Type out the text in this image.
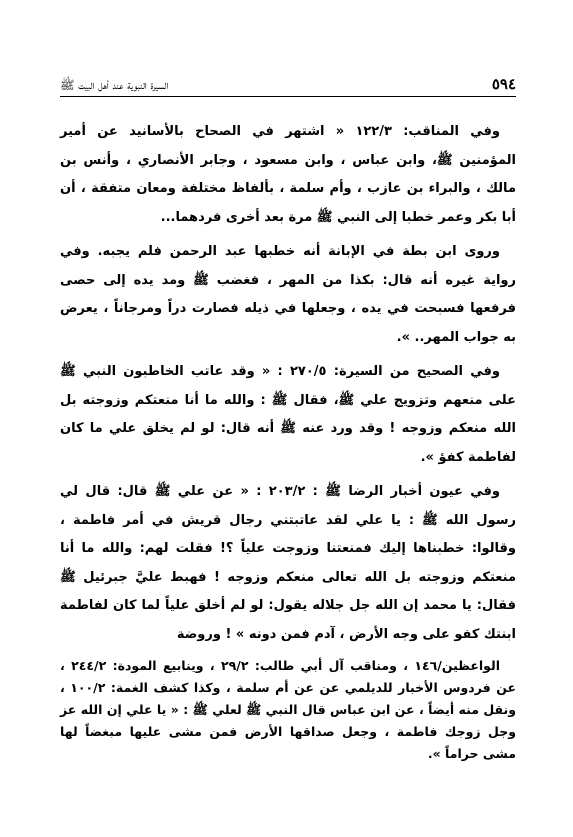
٥٩٤
السيرة النبوية عند أهل البيت ﷺ

وفي المناقب: ١٢٢/٣ « اشتهر في الصحاح بالأسانيد عن أمير المؤمنين ﷺ، وابن عباس ، وابن مسعود ، وجابر الأنصاري ، وأنس بن مالك ، والبراء بن عازب ، وأم سلمة ، بألفاظ مختلفة ومعان متفقة ، أن أبا بكر وعمر خطبا إلى النبي ﷺ مرة بعد أخرى فردهما...

وروى ابن بطة في الإبانة أنه خطبها عبد الرحمن فلم يجبه. وفي رواية غيره أنه قال: بكذا من المهر ، فغضب ﷺ ومد يده إلى حصى فرفعها فسبحت في يده ، وجعلها في ذيله فصارت دراً ومرجاناً ، يعرض به جواب المهر.. ».

وفي الصحيح من السيرة: ٢٧٠/٥ : « وقد عاتب الخاطبون النبي ﷺ على منعهم وتزويج علي ﷺ، فقال ﷺ : والله ما أنا منعتكم وزوجته بل الله منعكم وزوجه ! وقد ورد عنه ﷺ أنه قال: لو لم يخلق علي ما كان لفاطمة كفؤ ».

وفي عيون أخبار الرضا ﷺ : ٢٠٣/٢ : « عن علي ﷺ قال: قال لي رسول الله ﷺ : يا علي لقد عاتبتني رجال قريش في أمر فاطمة ، وقالوا: خطبناها إليك فمنعتنا وزوجت علياً ؟! فقلت لهم: والله ما أنا منعتكم وزوجته بل الله تعالى منعكم وزوجه ! فهبط عليَّ جبرئيل ﷺ فقال: يا محمد إن الله جل جلاله يقول: لو لم أخلق علياً لما كان لفاطمة ابنتك كفو على وجه الأرض ، آدم فمن دونه » ! وروضة

الواعظين/١٤٦ ، ومناقب آل أبي طالب: ٢٩/٢ ، وينابيع المودة: ٢٤٤/٢ ، عن فردوس الأخبار للديلمي عن عن أم سلمة ، وكذا كشف الغمة: ١٠٠/٢ ، ونقل منه أيضاً ، عن ابن عباس قال النبي ﷺ لعلي ﷺ : « يا علي إن الله عز وجل زوجك فاطمة ، وجعل صداقها الأرض فمن مشى عليها مبغضاً لها مشى حراماً ».
